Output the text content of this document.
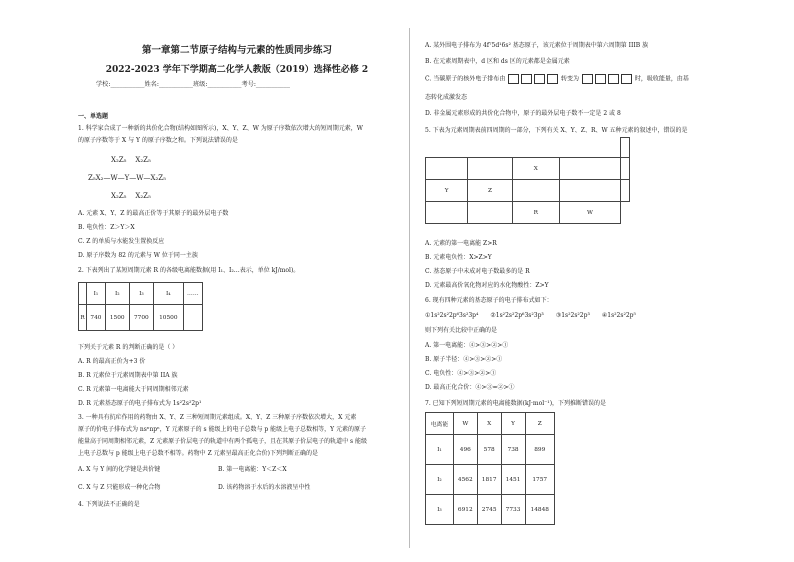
第一章第二节原子结构与元素的性质同步练习
2022-2023 学年下学期高二化学人教版（2019）选择性必修 2
学校:___________姓名:___________班级:___________考号:___________
一、单选题
1. 科学家合成了一种新的共价化合物(结构如图所示)，X、Y、Z、W 为原子序数依次增大的短周期元素，W
的原子序数等于 X 与 Y 的原子序数之和。下列说法错误的是
X₂Z₅    X₂Z₅
Z₅X₂—W—Y—W—X₂Z₅
X₂Z₅    X₂Z₅
A. 元素 X、Y、Z 的最高正价等于其原子的最外层电子数
B. 电负性：Z＞Y＞X
C. Z 的单质与水能发生置换反应
D. 原子序数为 82 的元素与 W 位于同一主族
2. 下表列出了某短周期元素 R 的各级电离能数据(用 I₁、I₂…表示，单位 kJ/mol)。
	I₁	I₂	I₃	I₄	……
R	740	1500	7700	10500	
下列关于元素 R 的判断正确的是（ ）
A. R 的最高正价为+3 价
B. R 元素位于元素周期表中第 IIA 族
C. R 元素第一电离能大于同周期相邻元素
D. R 元素基态原子的电子排布式为 1s²2s²2p¹
3. 一种具有抗疟作用的药物由 X、Y、Z 三种短周期元素组成。X、Y、Z 三种原子序数依次增大，X 元素
原子的价电子排布式为 nsⁿnpⁿ，Y 元素原子的 s 能级上的电子总数与 p 能级上电子总数相等，Y 元素的原子
能量高于同周期相邻元素，Z 元素原子价层电子的轨道中有两个孤电子，且在其原子价层电子的轨道中 s 能级
上电子总数与 p 能级上电子总数不相等。药物中 Z 元素呈最高正化合价)下列判断正确的是
A. X 与 Y 间的化学键是共价键	B. 第一电离能：Y＜Z＜X
C. X 与 Z 只能形成一种化合物	D. 该药物溶于水后的水溶液呈中性
4. 下列说法不正确的是
A. 某外围电子排布为 4f⁷5d¹6s² 基态原子，该元素位于周期表中第六周期第 IIIB 族
B. 在元素周期表中，d 区和 ds 区的元素都是金属元素
C. 当碳原子的核外电子排布由	转变为	时，吸收能量，由基
态转化成激发态
D. 非金属元素形成的共价化合物中，原子的最外层电子数不一定是 2 或 8
5. 下表为元素周期表前四周期的一部分，下列有关 X、Y、Z、R、W 五种元素的叙述中，错误的是

		X		
Y	Z			
		R	W	
A. 元素的第一电离能 Z>R
B. 元素电负性：X>Z>Y
C. 基态原子中未成对电子数最多的是 R
D. 元素最高价氧化物对应的水化物酸性：Z>Y
6. 现有四种元素的基态原子的电子排布式如下：
①1s²2s²2p⁶3s²3p⁴　　②1s²2s²2p⁶3s²3p³　　③1s²2s²2p³　　④1s²2s²2p⁵
则下列有关比较中正确的是
A. 第一电离能：④>③>②>①
B. 原子半径：④>③>②>①
C. 电负性：④>③>②>①
D. 最高正化合价：④>③=②>①
7. 已知下列短周期元素的电离能数据(kJ·mol⁻¹)，下列推断错误的是
电离能	W	X	Y	Z
I₁	496	578	738	899
I₂	4562	1817	1451	1757
I₃	6912	2745	7733	14848
